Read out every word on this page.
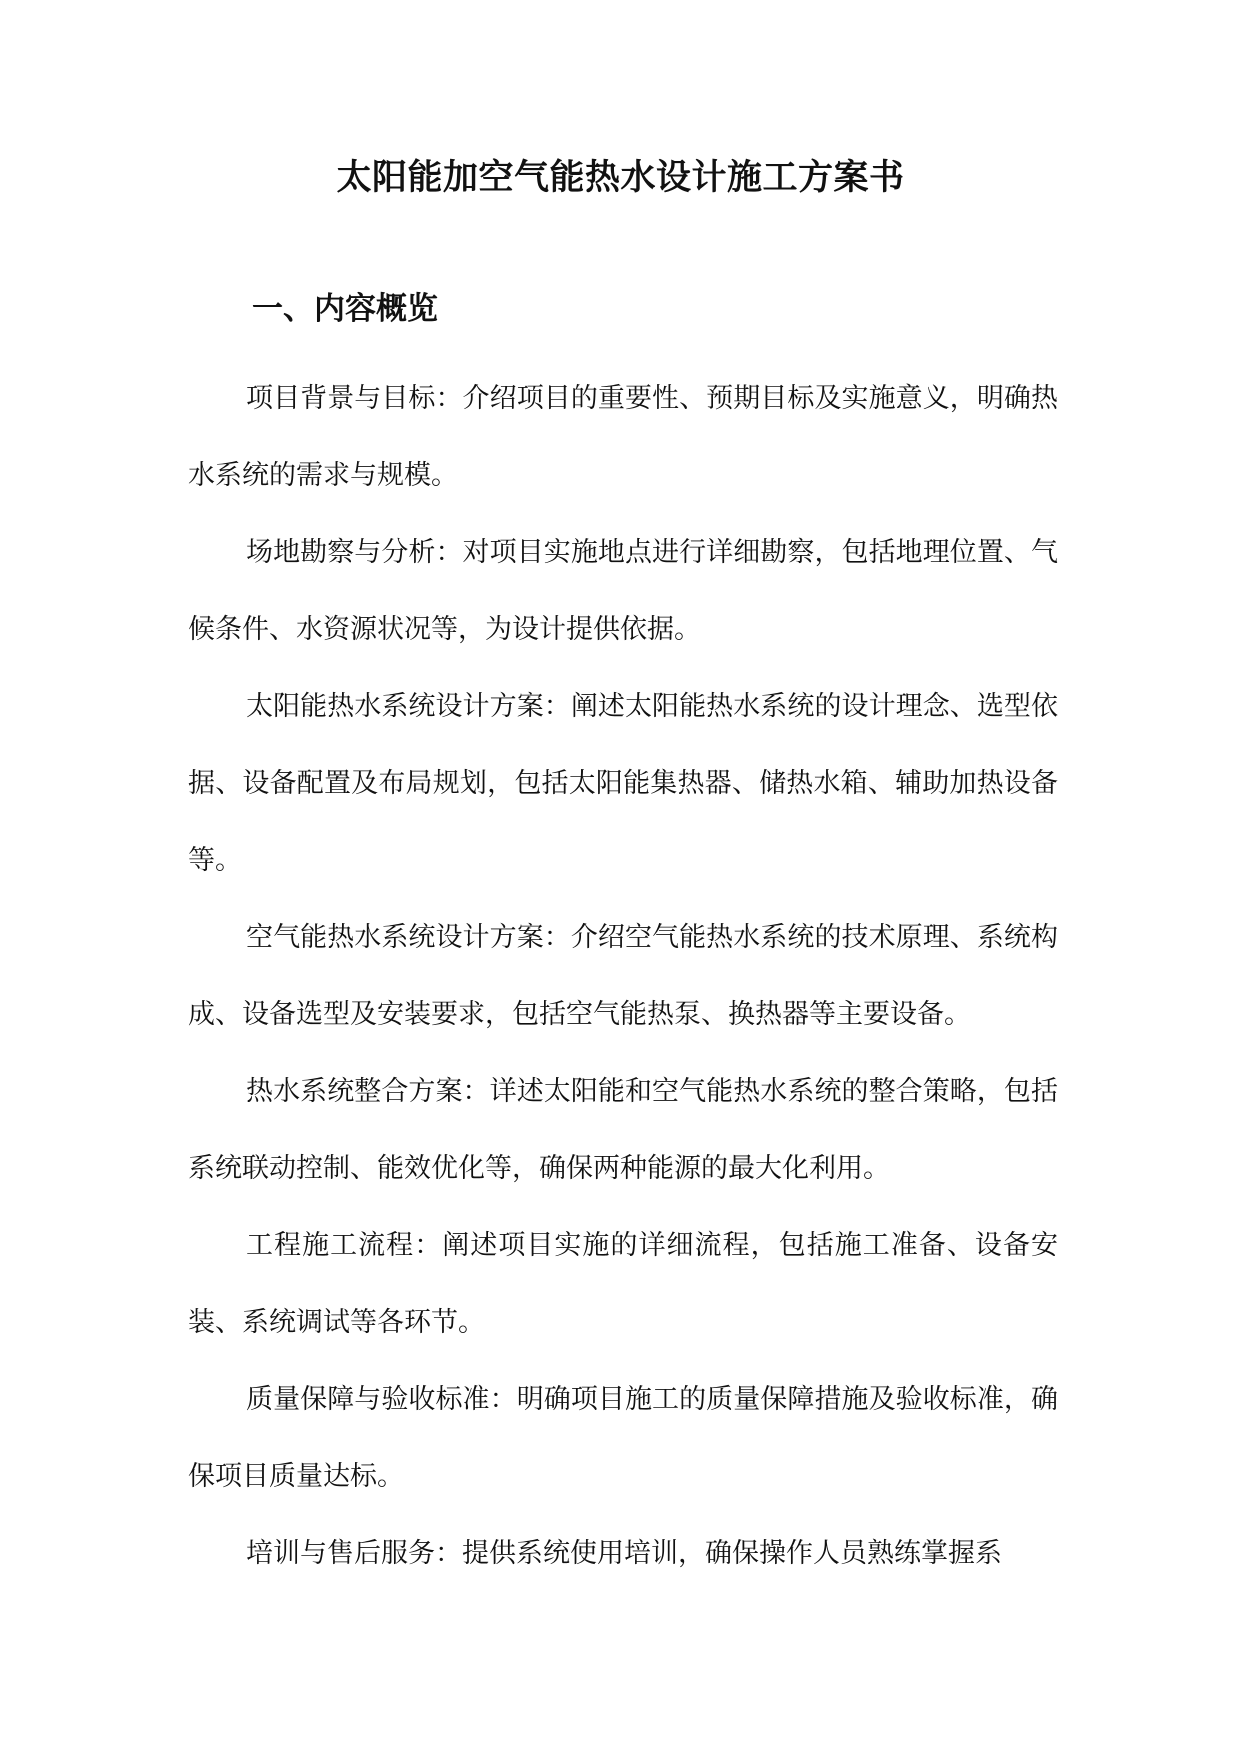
太阳能加空气能热水设计施工方案书
一、内容概览

项目背景与目标：介绍项目的重要性、预期目标及实施意义，明确热水系统的需求与规模。

场地勘察与分析：对项目实施地点进行详细勘察，包括地理位置、气候条件、水资源状况等，为设计提供依据。

太阳能热水系统设计方案：阐述太阳能热水系统的设计理念、选型依据、设备配置及布局规划，包括太阳能集热器、储热水箱、辅助加热设备等。

空气能热水系统设计方案：介绍空气能热水系统的技术原理、系统构成、设备选型及安装要求，包括空气能热泵、换热器等主要设备。

热水系统整合方案：详述太阳能和空气能热水系统的整合策略，包括系统联动控制、能效优化等，确保两种能源的最大化利用。

工程施工流程：阐述项目实施的详细流程，包括施工准备、设备安装、系统调试等各环节。

质量保障与验收标准：明确项目施工的质量保障措施及验收标准，确保项目质量达标。

培训与售后服务：提供系统使用培训，确保操作人员熟练掌握系
